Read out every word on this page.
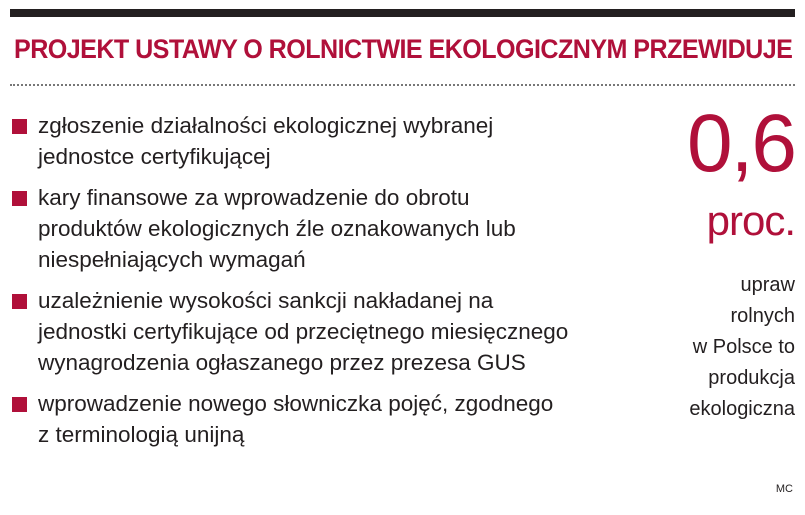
PROJEKT USTAWY O ROLNICTWIE EKOLOGICZNYM PRZEWIDUJE
zgłoszenie działalności ekologicznej wybranej
jednostce certyfikującej
kary finansowe za wprowadzenie do obrotu
produktów ekologicznych źle oznakowanych lub
niespełniających wymagań
uzależnienie wysokości sankcji nakładanej na
jednostki certyfikujące od przeciętnego miesięcznego
wynagrodzenia ogłaszanego przez prezesa GUS
wprowadzenie nowego słowniczka pojęć, zgodnego
z terminologią unijną
0,6
proc.
upraw
rolnych
w Polsce to
produkcja
ekologiczna
MC
